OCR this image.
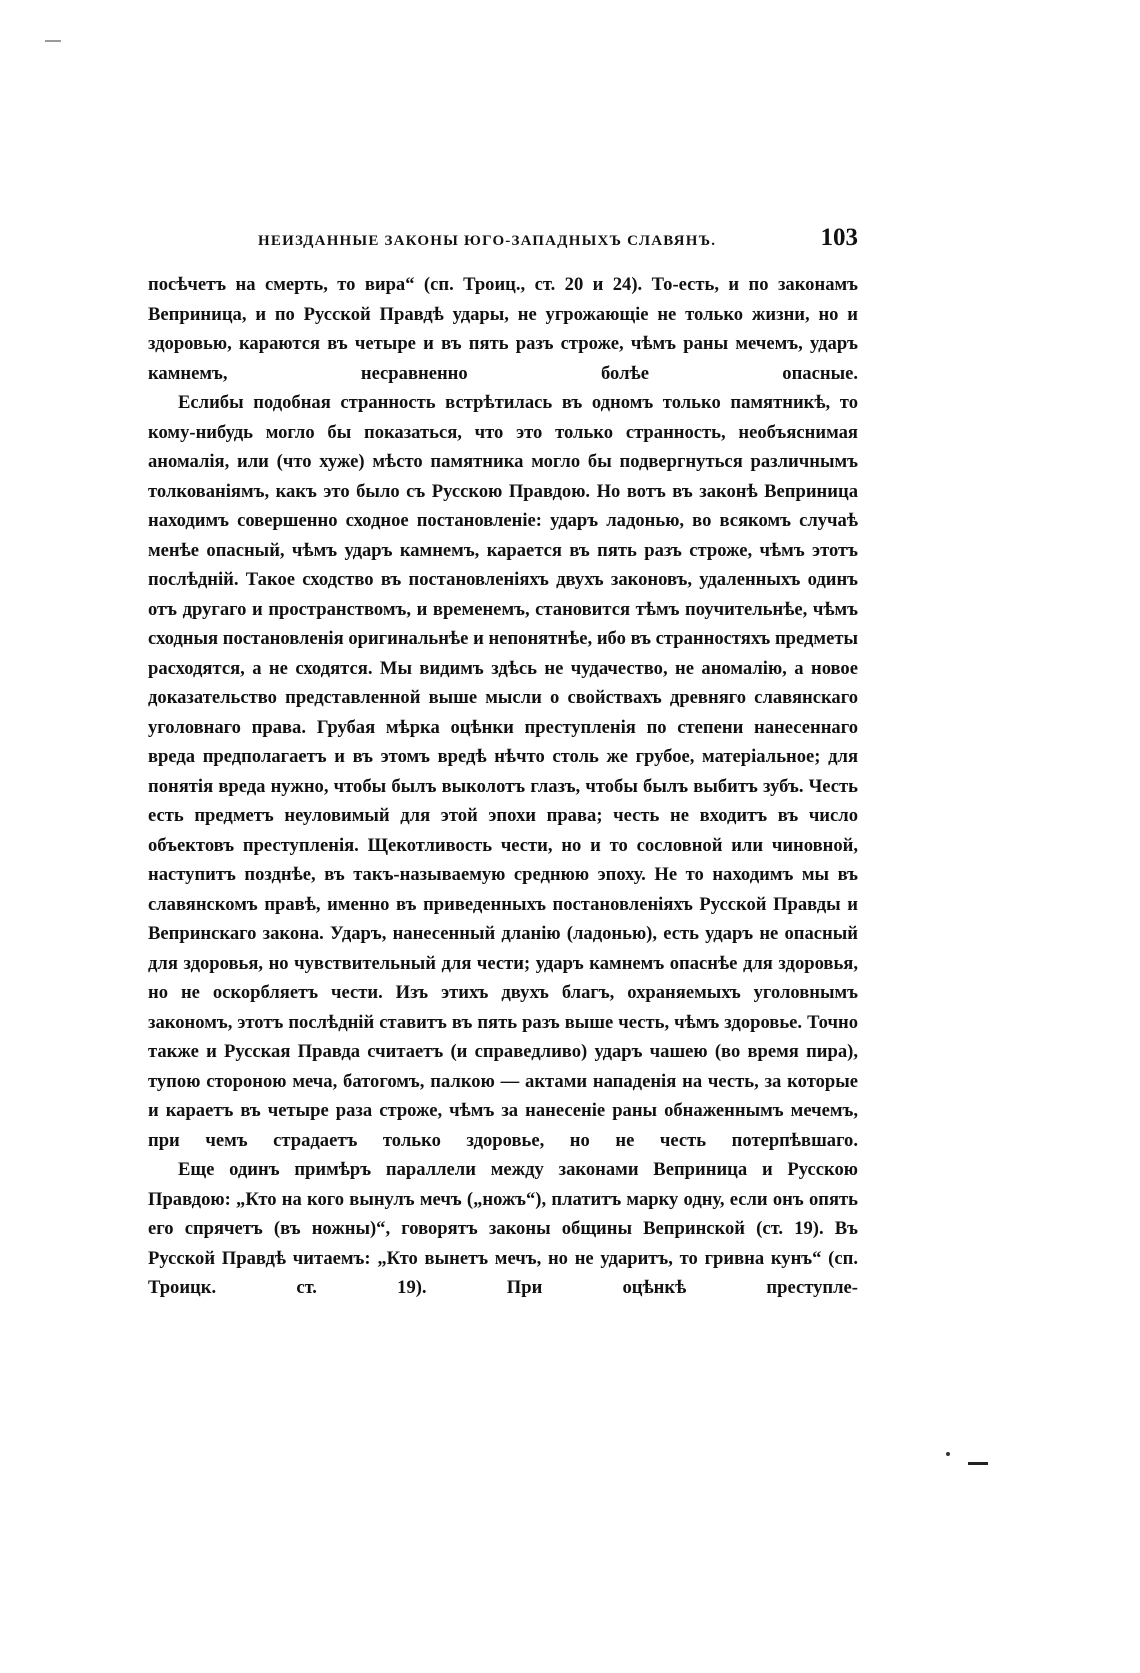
НЕИЗДАННЫЕ ЗАКОНЫ ЮГО-ЗАПАДНЫХЪ СЛАВЯНЪ.	103

посѣчетъ на смерть, то вира“ (сп. Троиц., ст. 20 и 24). То-есть, и по законамъ Веприница, и по Русской Правдѣ удары, не угрожающіе не только жизни, но и здоровью, караются въ четыре и въ пять разъ строже, чѣмъ раны мечемъ, ударъ камнемъ, несравненно болѣе опасные.

Еслибы подобная странность встрѣтилась въ одномъ только памятникѣ, то кому-нибудь могло бы показаться, что это только странность, необъяснимая аномалія, или (что хуже) мѣсто памятника могло бы подвергнуться различнымъ толкованіямъ, какъ это было съ Русскою Правдою. Но вотъ въ законѣ Веприница находимъ совершенно сходное постановленіе: ударъ ладонью, во всякомъ случаѣ менѣе опасный, чѣмъ ударъ камнемъ, карается въ пять разъ строже, чѣмъ этотъ послѣдній. Такое сходство въ постановленіяхъ двухъ законовъ, удаленныхъ одинъ отъ другаго и пространствомъ, и временемъ, становится тѣмъ поучительнѣе, чѣмъ сходныя постановленія оригинальнѣе и непонятнѣе, ибо въ странностяхъ предметы расходятся, а не сходятся. Мы видимъ здѣсь не чудачество, не аномалію, а новое доказательство представленной выше мысли о свойствахъ древняго славянскаго уголовнаго права. Грубая мѣрка оцѣнки преступленія по степени нанесеннаго вреда предполагаетъ и въ этомъ вредѣ нѣчто столь же грубое, матеріальное; для понятія вреда нужно, чтобы былъ выколотъ глазъ, чтобы былъ выбитъ зубъ. Честь есть предметъ неуловимый для этой эпохи права; честь не входитъ въ число объектовъ преступленія. Щекотливость чести, но и то сословной или чиновной, наступитъ позднѣе, въ такъ-называемую среднюю эпоху. Не то находимъ мы въ славянскомъ правѣ, именно въ приведенныхъ постановленіяхъ Русской Правды и Вепринскаго закона. Ударъ, нанесенный дланію (ладонью), есть ударъ не опасный для здоровья, но чувствительный для чести; ударъ камнемъ опаснѣе для здоровья, но не оскорбляетъ чести. Изъ этихъ двухъ благъ, охраняемыхъ уголовнымъ закономъ, этотъ послѣдній ставитъ въ пять разъ выше честь, чѣмъ здоровье. Точно также и Русская Правда считаетъ (и справедливо) ударъ чашею (во время пира), тупою стороною меча, батогомъ, палкою — актами нападенія на честь, за которые и караетъ въ четыре раза строже, чѣмъ за нанесеніе раны обнаженнымъ мечемъ, при чемъ страдаетъ только здоровье, но не честь потерпѣвшаго.

Еще одинъ примѣръ параллели между законами Веприница и Русскою Правдою: „Кто на кого вынулъ мечъ („ножъ“), платитъ марку одну, если онъ опять его спрячетъ (въ ножны)“, говорятъ законы общины Вепринской (ст. 19). Въ Русской Правдѣ читаемъ: „Кто вынетъ мечъ, но не ударитъ, то гривна кунъ“ (сп. Троицк. ст. 19). При оцѣнкѣ преступле-
